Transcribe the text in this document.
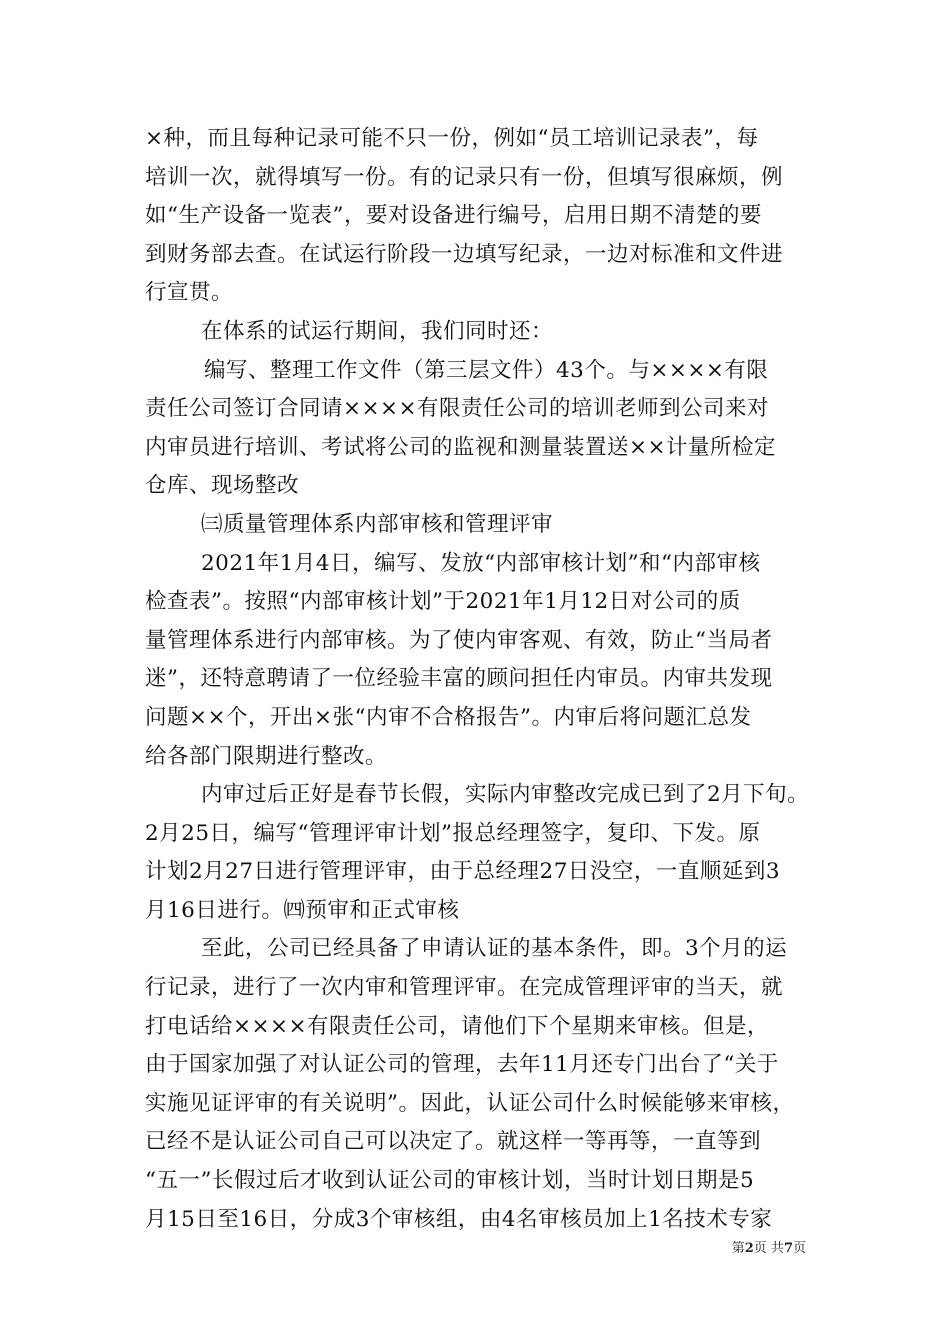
×种，而且每种记录可能不只一份，例如“员工培训记录表”，每
培训一次，就得填写一份。有的记录只有一份，但填写很麻烦，例
如“生产设备一览表”，要对设备进行编号，启用日期不清楚的要
到财务部去查。在试运行阶段一边填写纪录，一边对标准和文件进
行宣贯。
在体系的试运行期间，我们同时还：
编写、整理工作文件（第三层文件）43个。与××××有限
责任公司签订合同请××××有限责任公司的培训老师到公司来对
内审员进行培训、考试将公司的监视和测量装置送××计量所检定
仓库、现场整改
㈢质量管理体系内部审核和管理评审
2021年1月4日，编写、发放“内部审核计划”和“内部审核
检查表”。按照“内部审核计划”于2021年1月12日对公司的质
量管理体系进行内部审核。为了使内审客观、有效，防止“当局者
迷”，还特意聘请了一位经验丰富的顾问担任内审员。内审共发现
问题××个，开出×张“内审不合格报告”。内审后将问题汇总发
给各部门限期进行整改。
内审过后正好是春节长假，实际内审整改完成已到了2月下旬。
2月25日，编写“管理评审计划”报总经理签字，复印、下发。原
计划2月27日进行管理评审，由于总经理27日没空，一直顺延到3
月16日进行。㈣预审和正式审核
至此，公司已经具备了申请认证的基本条件，即。3个月的运
行记录，进行了一次内审和管理评审。在完成管理评审的当天，就
打电话给××××有限责任公司，请他们下个星期来审核。但是，
由于国家加强了对认证公司的管理，去年11月还专门出台了“关于
实施见证评审的有关说明”。因此，认证公司什么时候能够来审核，
已经不是认证公司自己可以决定了。就这样一等再等，一直等到
“五一”长假过后才收到认证公司的审核计划，当时计划日期是5
月15日至16日，分成3个审核组，由4名审核员加上1名技术专家
第2页 共7页
